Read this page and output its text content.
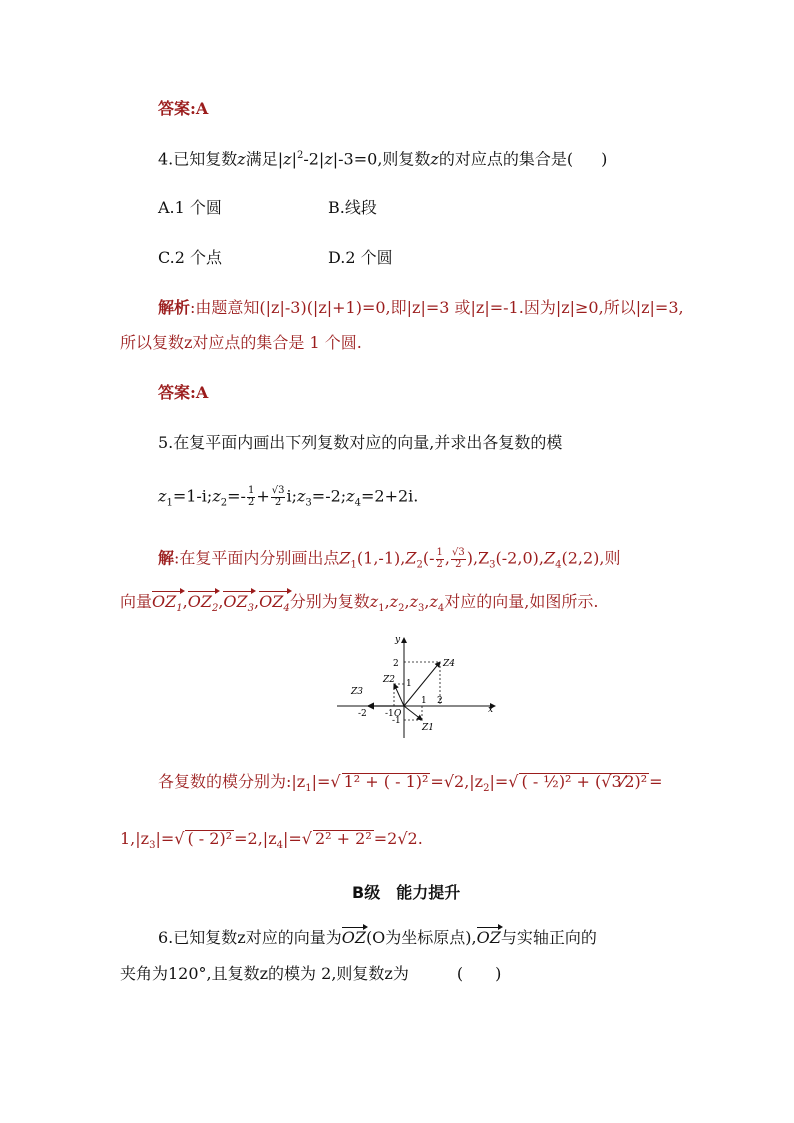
答案:A
4.已知复数z满足$|z|^2-2|z|-3=0$,则复数z的对应点的集合是( )
A.1 个圆	B.线段
C.2 个点	D.2 个圆
解析:由题意知(|z|-3)(|z|+1)=0,即|z|=3 或|z|=-1.因为|z|≥0,所以|z|=3,
所以复数z对应点的集合是 1 个圆.
答案:A
5.在复平面内画出下列复数对应的向量,并求出各复数的模
$z_1=1-i;z_2=- \frac{1}{2} + \frac{√3}{2}$ $i;z_3=-2;z_4=2+2i$.
解:在复平面内分别画出点$Z_1(1,-1),Z_2(- \frac{1}{2}$ , $\frac{√3}{2} ),Z_3(-2,0),Z_4(2,2)$,则
向量$OZ_1,OZ_2,OZ_3,OZ_4$分别为复数$z_1,z_2,z_3,z_4$对应的向量,如图所示.
x
y
Z4
Z2
Z1
Z3
2
1
-1
2
1
-1
-2	O
各复数的模分别为$:|z_1|=√$ 1² + ( - $1)^2 =√2,|z_2|=√$ ( - ½)² + (√3⁄2)² =
$1,|z_3|=√$ ( - $2)^2 =2,|z_4|=√$ 2² + 2² =2√2.
B级　能力提升
6.已知复数z对应的向量为OZ(O为坐标原点),OZ与实轴正向的
夹角为120°,且复数z的模为 2,则复数z为	(　　)
